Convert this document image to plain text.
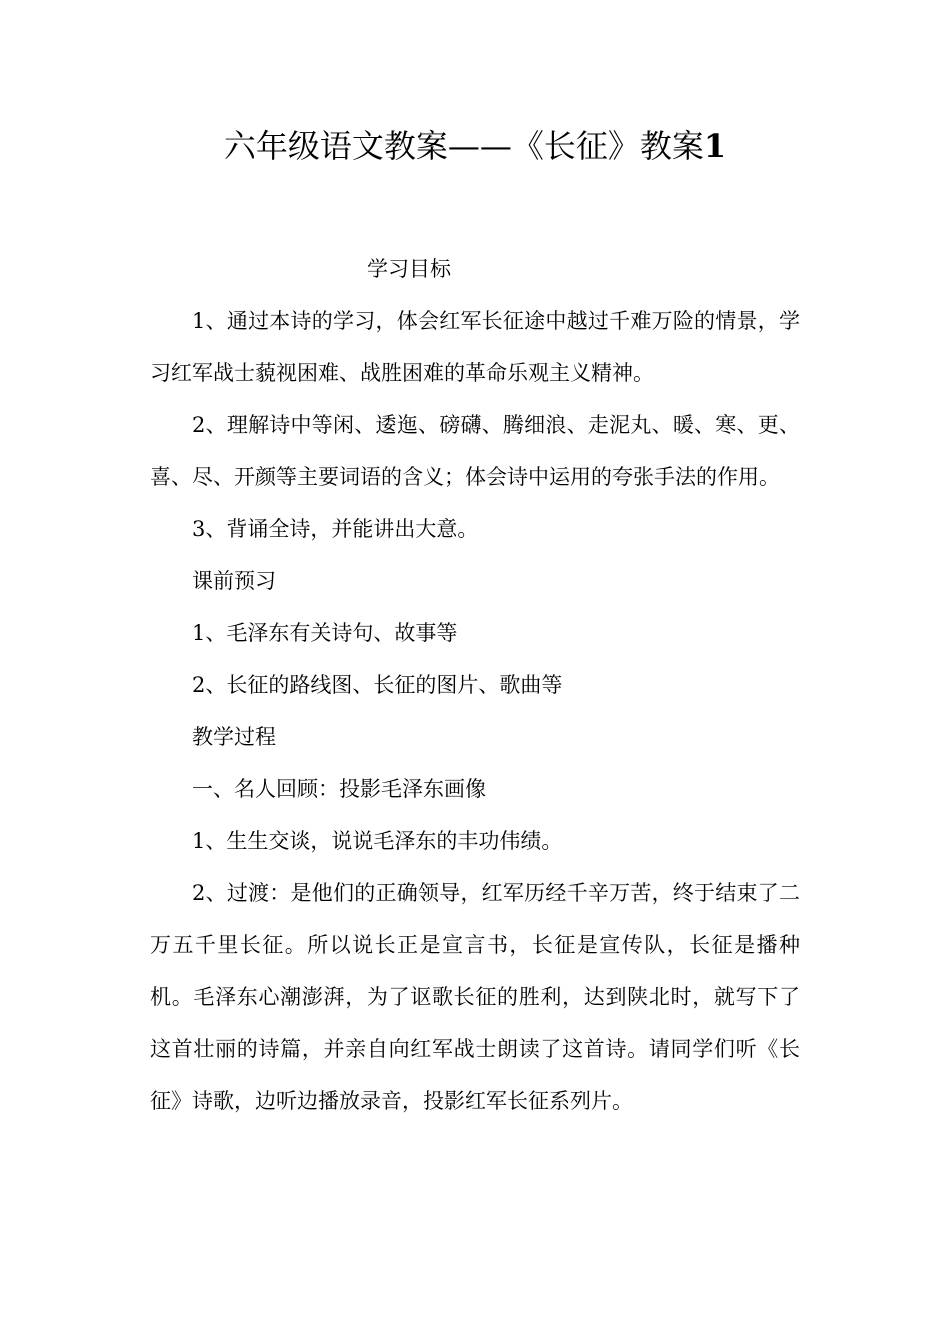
六年级语文教案——《长征》教案1

学习目标

1、通过本诗的学习，体会红军长征途中越过千难万险的情景，学习红军战士藐视困难、战胜困难的革命乐观主义精神。

2、理解诗中等闲、逶迤、磅礴、腾细浪、走泥丸、暖、寒、更、喜、尽、开颜等主要词语的含义；体会诗中运用的夸张手法的作用。

3、背诵全诗，并能讲出大意。

课前预习

1、毛泽东有关诗句、故事等

2、长征的路线图、长征的图片、歌曲等

教学过程

一、名人回顾：投影毛泽东画像

1、生生交谈，说说毛泽东的丰功伟绩。

2、过渡：是他们的正确领导，红军历经千辛万苦，终于结束了二万五千里长征。所以说长正是宣言书，长征是宣传队，长征是播种机。毛泽东心潮澎湃，为了讴歌长征的胜利，达到陕北时，就写下了这首壮丽的诗篇，并亲自向红军战士朗读了这首诗。请同学们听《长征》诗歌，边听边播放录音，投影红军长征系列片。
